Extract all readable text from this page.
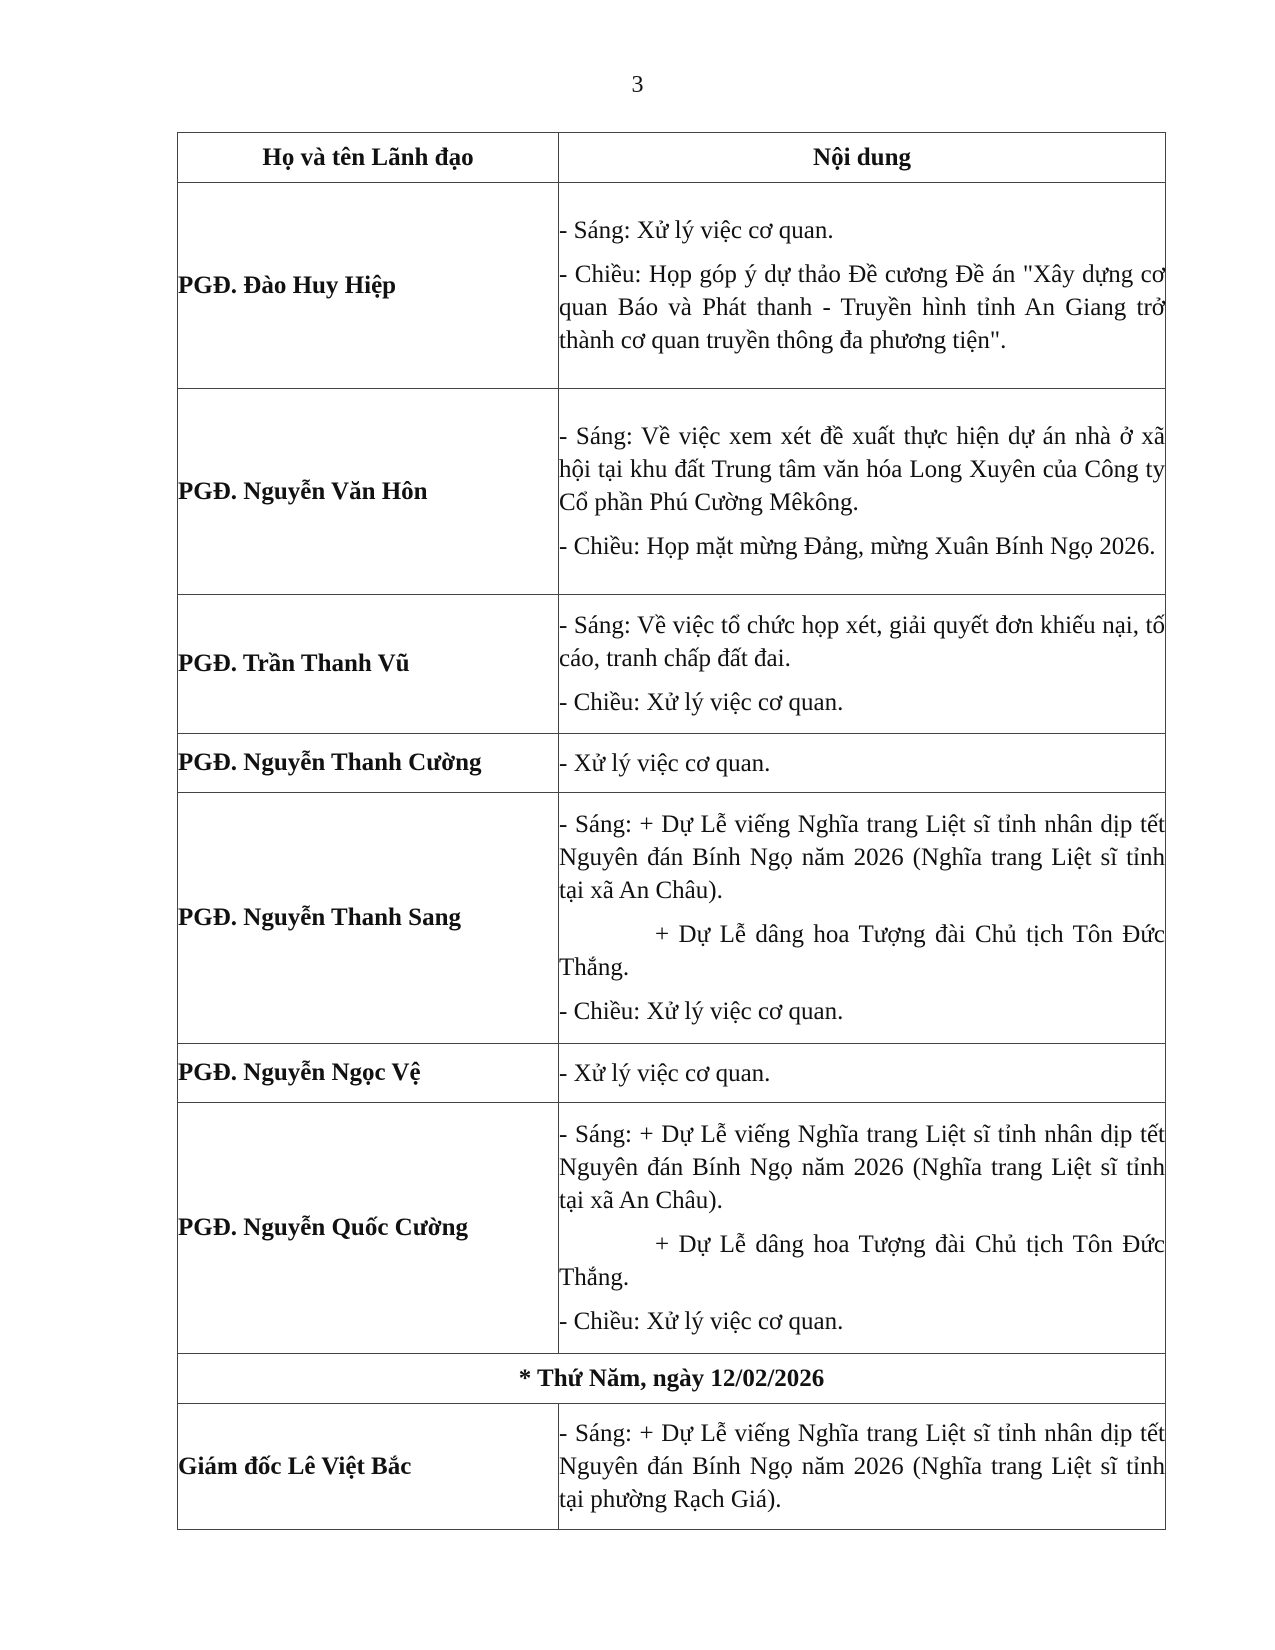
3
Họ và tên Lãnh đạo	Nội dung
PGĐ. Đào Huy Hiệp	- Sáng: Xử lý việc cơ quan.

- Chiều: Họp góp ý dự thảo Đề cương Đề án "Xây dựng cơ quan Báo và Phát thanh - Truyền hình tỉnh An Giang trở thành cơ quan truyền thông đa phương tiện".

PGĐ. Nguyễn Văn Hôn	- Sáng: Về việc xem xét đề xuất thực hiện dự án nhà ở xã hội tại khu đất Trung tâm văn hóa Long Xuyên của Công ty Cổ phần Phú Cường Mêkông.

- Chiều: Họp mặt mừng Đảng, mừng Xuân Bính Ngọ 2026.

PGĐ. Trần Thanh Vũ	- Sáng: Về việc tổ chức họp xét, giải quyết đơn khiếu nại, tố cáo, tranh chấp đất đai.

- Chiều: Xử lý việc cơ quan.

PGĐ. Nguyễn Thanh Cường	- Xử lý việc cơ quan.

PGĐ. Nguyễn Thanh Sang	- Sáng: + Dự Lễ viếng Nghĩa trang Liệt sĩ tỉnh nhân dịp tết Nguyên đán Bính Ngọ năm 2026 (Nghĩa trang Liệt sĩ tỉnh tại xã An Châu).

+ Dự Lễ dâng hoa Tượng đài Chủ tịch Tôn Đức Thắng.

- Chiều: Xử lý việc cơ quan.

PGĐ. Nguyễn Ngọc Vệ	- Xử lý việc cơ quan.

PGĐ. Nguyễn Quốc Cường	- Sáng: + Dự Lễ viếng Nghĩa trang Liệt sĩ tỉnh nhân dịp tết Nguyên đán Bính Ngọ năm 2026 (Nghĩa trang Liệt sĩ tỉnh tại xã An Châu).

+ Dự Lễ dâng hoa Tượng đài Chủ tịch Tôn Đức Thắng.

- Chiều: Xử lý việc cơ quan.

* Thứ Năm, ngày 12/02/2026	
Giám đốc Lê Việt Bắc	- Sáng: + Dự Lễ viếng Nghĩa trang Liệt sĩ tỉnh nhân dịp tết Nguyên đán Bính Ngọ năm 2026 (Nghĩa trang Liệt sĩ tỉnh tại phường Rạch Giá).
